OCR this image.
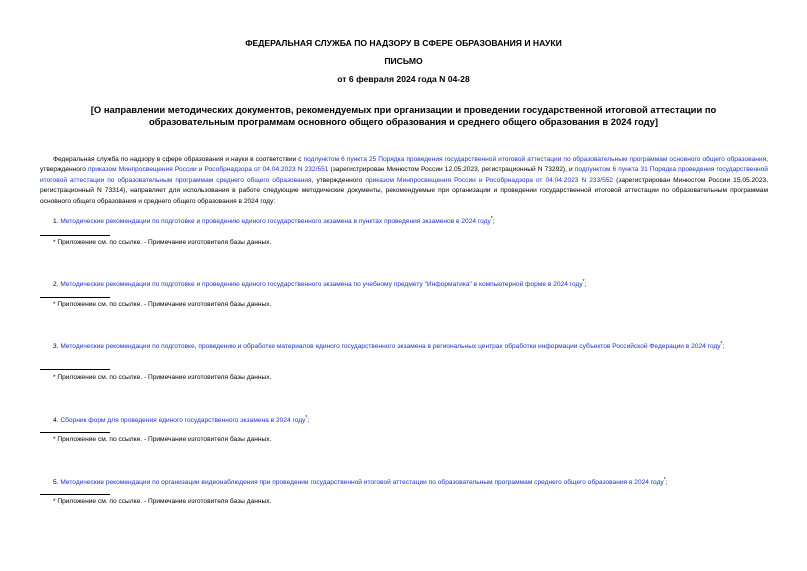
ФЕДЕРАЛЬНАЯ СЛУЖБА ПО НАДЗОРУ В СФЕРЕ ОБРАЗОВАНИЯ И НАУКИ
ПИСЬМО
от 6 февраля 2024 года N 04-28
[О направлении методических документов, рекомендуемых при организации и проведении государственной итоговой аттестации по образовательным программам основного общего образования и среднего общего образования в 2024 году]
Федеральная служба по надзору в сфере образования и науки в соответствии с подпунктом 6 пункта 25 Порядка проведения государственной итоговой аттестации по образовательным программам основного общего образования, утвержденного приказом Минпросвещения России и Рособрнадзора от 04.04.2023 N 232/551 (зарегистрирован Минюстом России 12.05.2023, регистрационный N 73292), и подпунктом 6 пункта 31 Порядка проведения государственной итоговой аттестации по образовательным программам среднего общего образования, утвержденного приказом Минпросвещения России и Рособрнадзора от 04.04.2023 N 233/552 (зарегистрирован Минюстом России 15.05.2023, регистрационный N 73314), направляет для использования в работе следующие методические документы, рекомендуемые при организации и проведении государственной итоговой аттестации по образовательным программам основного общего образования и среднего общего образования в 2024 году:
1. Методические рекомендации по подготовке и проведению единого государственного экзамена в пунктах проведения экзаменов в 2024 году*;
* Приложение см. по ссылке. - Примечание изготовителя базы данных.
2. Методические рекомендации по подготовке и проведению единого государственного экзамена по учебному предмету "Информатика" в компьютерной форме в 2024 году*;
* Приложение см. по ссылке. - Примечание изготовителя базы данных.
3. Методические рекомендации по подготовке, проведению и обработке материалов единого государственного экзамена в региональных центрах обработки информации субъектов Российской Федерации в 2024 году*;
* Приложение см. по ссылке. - Примечание изготовителя базы данных.
4. Сборник форм для проведения единого государственного экзамена в 2024 году*;
* Приложение см. по ссылке. - Примечание изготовителя базы данных.
5. Методические рекомендации по организации видеонаблюдения при проведении государственной итоговой аттестации по образовательным программам среднего общего образования в 2024 году*;
* Приложение см. по ссылке. - Примечание изготовителя базы данных.
